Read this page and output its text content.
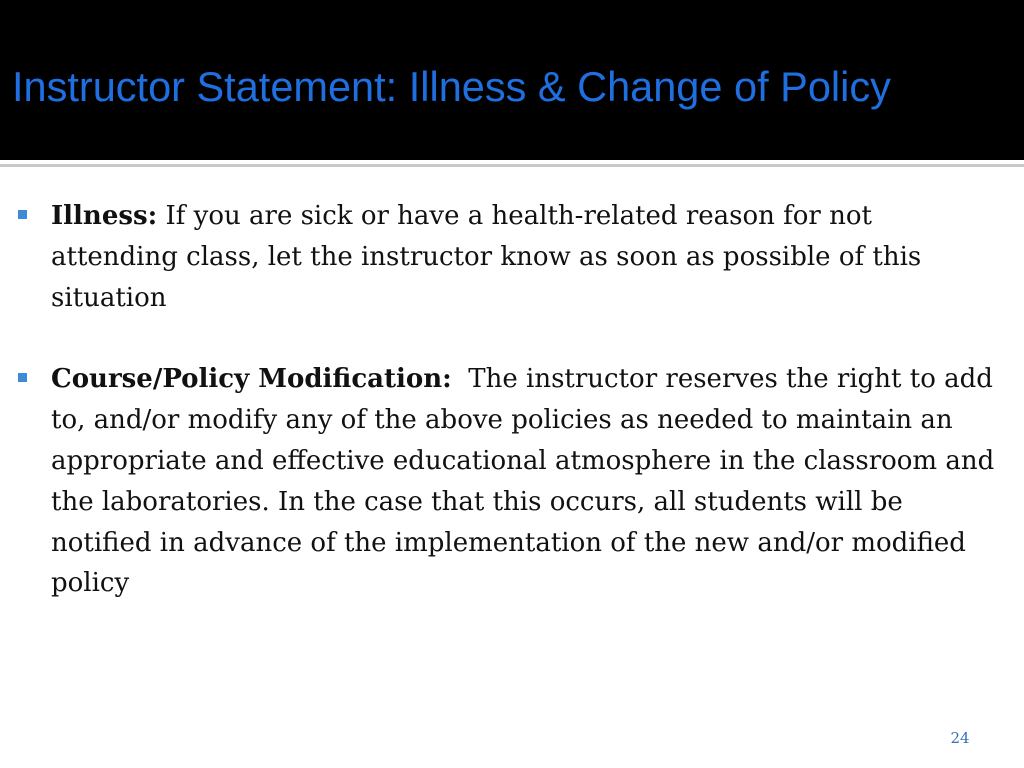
Instructor Statement: Illness & Change of Policy
Illness: If you are sick or have a health-related reason for not attending class, let the instructor know as soon as possible of this situation
Course/Policy Modification: The instructor reserves the right to add to, and/or modify any of the above policies as needed to maintain an appropriate and effective educational atmosphere in the classroom and the laboratories. In the case that this occurs, all students will be notified in advance of the implementation of the new and/or modified policy
24
